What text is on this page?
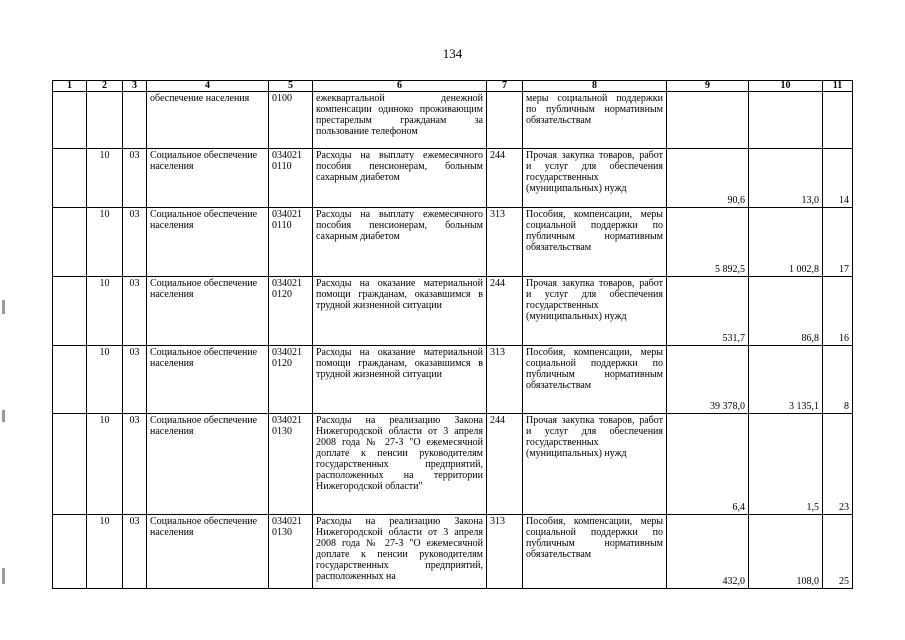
134
1	2	3	4	5	6	7	8	9	10	11
			обеспечение населения	0100	ежеквартальной денежной компенсации одиноко проживающим престарелым гражданам за пользование телефоном		меры социальной поддержки по публичным нормативным обязательствам			
	10	03	Социальное обеспечение населения	034021 0110	Расходы на выплату ежемесячного пособия пенсионерам, больным сахарным диабетом	244	Прочая закупка товаров, работ и услуг для обеспечения государственных (муниципальных) нужд	90,6	13,0	14
	10	03	Социальное обеспечение населения	034021 0110	Расходы на выплату ежемесячного пособия пенсионерам, больным сахарным диабетом	313	Пособия, компенсации, меры социальной поддержки по публичным нормативным обязательствам	5 892,5	1 002,8	17
	10	03	Социальное обеспечение населения	034021 0120	Расходы на оказание материальной помощи гражданам, оказавшимся в трудной жизненной ситуации	244	Прочая закупка товаров, работ и услуг для обеспечения государственных (муниципальных) нужд	531,7	86,8	16
	10	03	Социальное обеспечение населения	034021 0120	Расходы на оказание материальной помощи гражданам, оказавшимся в трудной жизненной ситуации	313	Пособия, компенсации, меры социальной поддержки по публичным нормативным обязательствам	39 378,0	3 135,1	8
	10	03	Социальное обеспечение населения	034021 0130	Расходы на реализацию Закона Нижегородской области от 3 апреля 2008 года № 27-З "О ежемесячной доплате к пенсии руководителям государственных предприятий, расположенных на территории Нижегородской области"	244	Прочая закупка товаров, работ и услуг для обеспечения государственных (муниципальных) нужд	6,4	1,5	23
	10	03	Социальное обеспечение населения	034021 0130	Расходы на реализацию Закона Нижегородской области от 3 апреля 2008 года № 27-З "О ежемесячной доплате к пенсии руководителям государственных предприятий, расположенных на	313	Пособия, компенсации, меры социальной поддержки по публичным нормативным обязательствам	432,0	108,0	25
